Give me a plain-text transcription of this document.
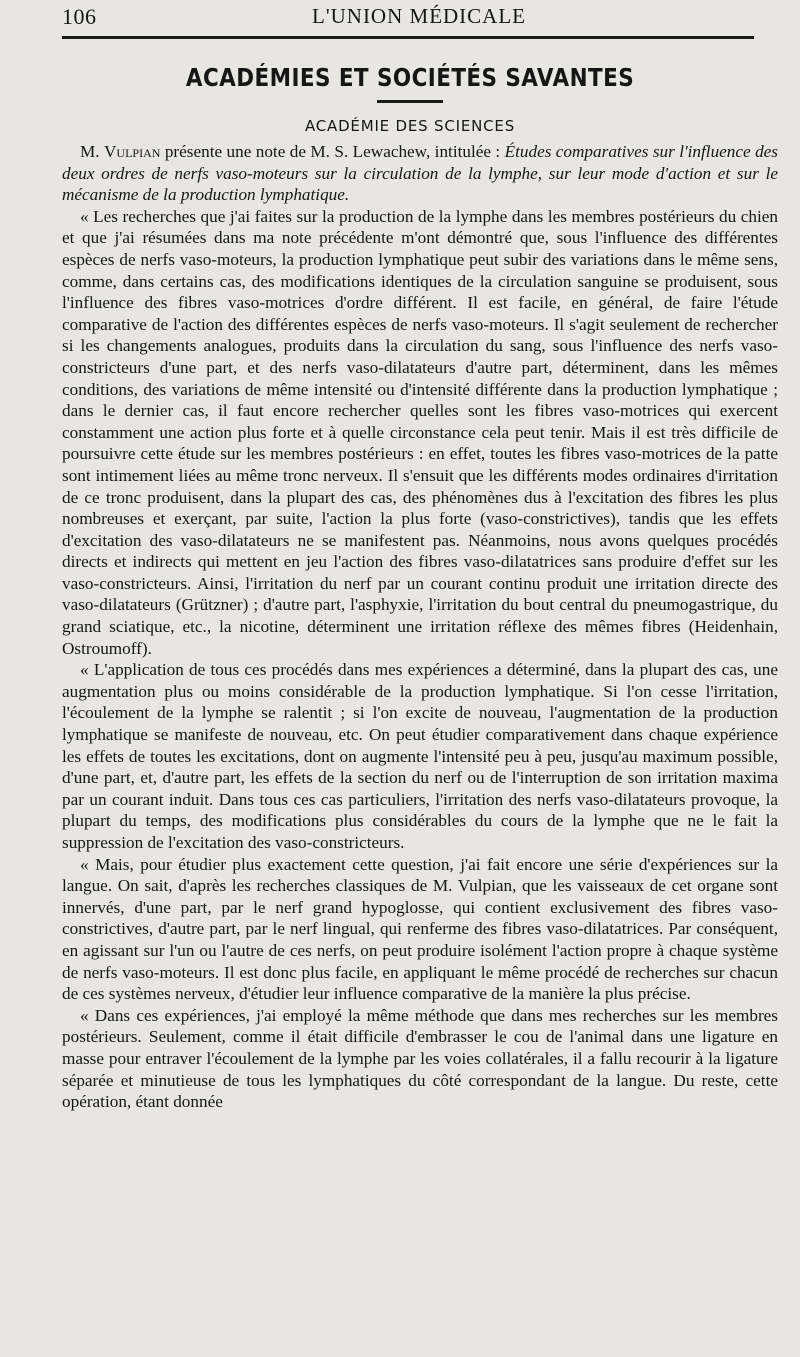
106	L'UNION MÉDICALE
ACADÉMIES ET SOCIÉTÉS SAVANTES
ACADÉMIE DES SCIENCES

M. Vulpian présente une note de M. S. Lewachew, intitulée : Études comparatives sur l'influence des deux ordres de nerfs vaso-moteurs sur la circulation de la lymphe, sur leur mode d'action et sur le mécanisme de la production lymphatique.

« Les recherches que j'ai faites sur la production de la lymphe dans les membres postérieurs du chien et que j'ai résumées dans ma note précédente m'ont démontré que, sous l'influence des différentes espèces de nerfs vaso-moteurs, la production lymphatique peut subir des variations dans le même sens, comme, dans certains cas, des modifications identiques de la circulation sanguine se produisent, sous l'influence des fibres vaso-motrices d'ordre différent. Il est facile, en général, de faire l'étude comparative de l'action des différentes espèces de nerfs vaso-moteurs. Il s'agit seulement de rechercher si les changements analogues, produits dans la circulation du sang, sous l'influence des nerfs vaso-constricteurs d'une part, et des nerfs vaso-dilatateurs d'autre part, déterminent, dans les mêmes conditions, des variations de même intensité ou d'intensité différente dans la production lymphatique ; dans le dernier cas, il faut encore rechercher quelles sont les fibres vaso-motrices qui exercent constamment une action plus forte et à quelle circonstance cela peut tenir. Mais il est très difficile de poursuivre cette étude sur les membres postérieurs : en effet, toutes les fibres vaso-motrices de la patte sont intimement liées au même tronc nerveux. Il s'ensuit que les différents modes ordinaires d'irritation de ce tronc produisent, dans la plupart des cas, des phénomènes dus à l'excitation des fibres les plus nombreuses et exerçant, par suite, l'action la plus forte (vaso-constrictives), tandis que les effets d'excitation des vaso-dilatateurs ne se manifestent pas. Néanmoins, nous avons quelques procédés directs et indirects qui mettent en jeu l'action des fibres vaso-dilatatrices sans produire d'effet sur les vaso-constricteurs. Ainsi, l'irritation du nerf par un courant continu produit une irritation directe des vaso-dilatateurs (Grützner) ; d'autre part, l'asphyxie, l'irritation du bout central du pneumogastrique, du grand sciatique, etc., la nicotine, déterminent une irritation réflexe des mêmes fibres (Heidenhain, Ostroumoff).

« L'application de tous ces procédés dans mes expériences a déterminé, dans la plupart des cas, une augmentation plus ou moins considérable de la production lymphatique. Si l'on cesse l'irritation, l'écoulement de la lymphe se ralentit ; si l'on excite de nouveau, l'augmentation de la production lymphatique se manifeste de nouveau, etc. On peut étudier comparativement dans chaque expérience les effets de toutes les excitations, dont on augmente l'intensité peu à peu, jusqu'au maximum possible, d'une part, et, d'autre part, les effets de la section du nerf ou de l'interruption de son irritation maxima par un courant induit. Dans tous ces cas particuliers, l'irritation des nerfs vaso-dilatateurs provoque, la plupart du temps, des modifications plus considérables du cours de la lymphe que ne le fait la suppression de l'excitation des vaso-constricteurs.

« Mais, pour étudier plus exactement cette question, j'ai fait encore une série d'expériences sur la langue. On sait, d'après les recherches classiques de M. Vulpian, que les vaisseaux de cet organe sont innervés, d'une part, par le nerf grand hypoglosse, qui contient exclusivement des fibres vaso-constrictives, d'autre part, par le nerf lingual, qui renferme des fibres vaso-dilatatrices. Par conséquent, en agissant sur l'un ou l'autre de ces nerfs, on peut produire isolément l'action propre à chaque système de nerfs vaso-moteurs. Il est donc plus facile, en appliquant le même procédé de recherches sur chacun de ces systèmes nerveux, d'étudier leur influence comparative de la manière la plus précise.

« Dans ces expériences, j'ai employé la même méthode que dans mes recherches sur les membres postérieurs. Seulement, comme il était difficile d'embrasser le cou de l'animal dans une ligature en masse pour entraver l'écoulement de la lymphe par les voies collatérales, il a fallu recourir à la ligature séparée et minutieuse de tous les lymphatiques du côté correspondant de la langue. Du reste, cette opération, étant donnée
